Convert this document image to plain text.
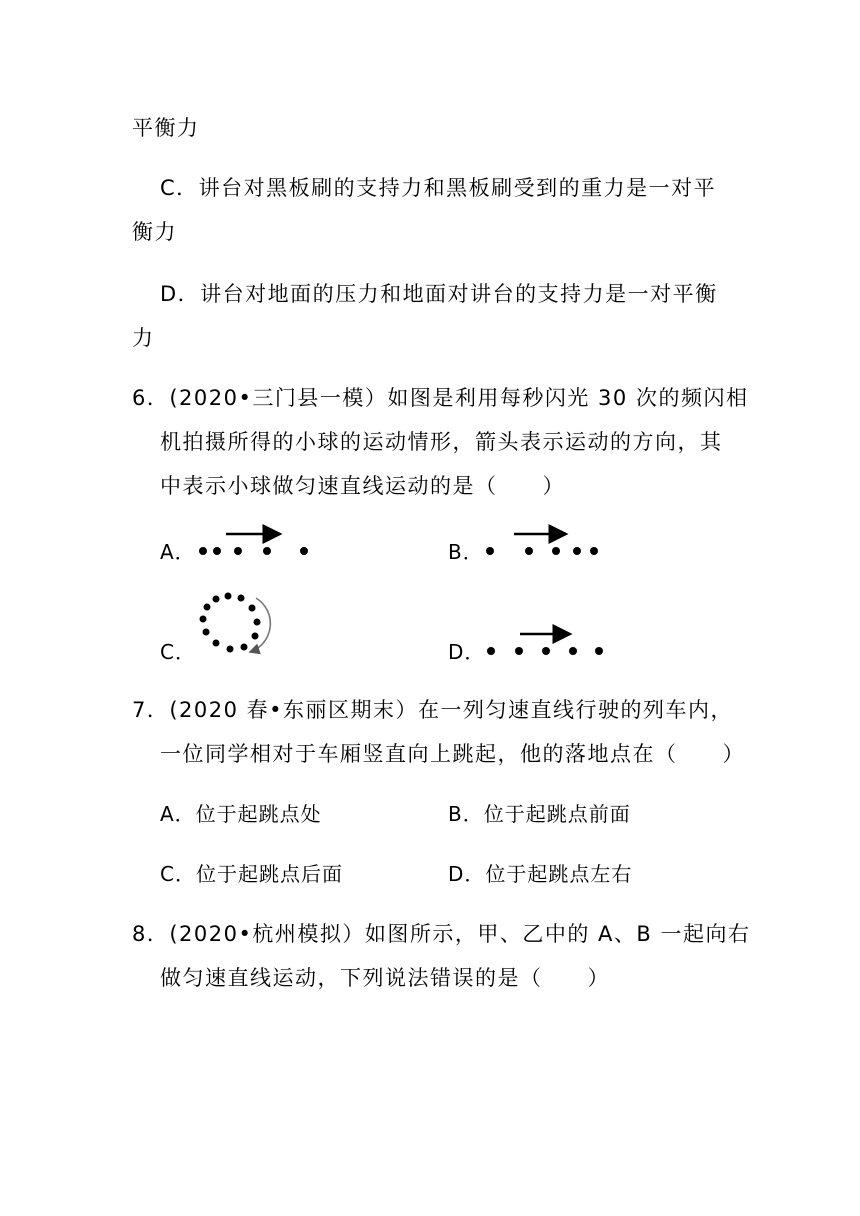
平衡力
C．讲台对黑板刷的支持力和黑板刷受到的重力是一对平
衡力
D．讲台对地面的压力和地面对讲台的支持力是一对平衡
力
6．(2020•三门县一模）如图是利用每秒闪光 30 次的频闪相
机拍摄所得的小球的运动情形，箭头表示运动的方向，其
中表示小球做匀速直线运动的是（　　）
A．	B．
C．	D．
7．(2020 春•东丽区期末）在一列匀速直线行驶的列车内，
一位同学相对于车厢竖直向上跳起，他的落地点在（　　）
A．位于起跳点处	B．位于起跳点前面
C．位于起跳点后面	D．位于起跳点左右
8．(2020•杭州模拟）如图所示，甲、乙中的 A、B 一起向右
做匀速直线运动，下列说法错误的是（　　）
